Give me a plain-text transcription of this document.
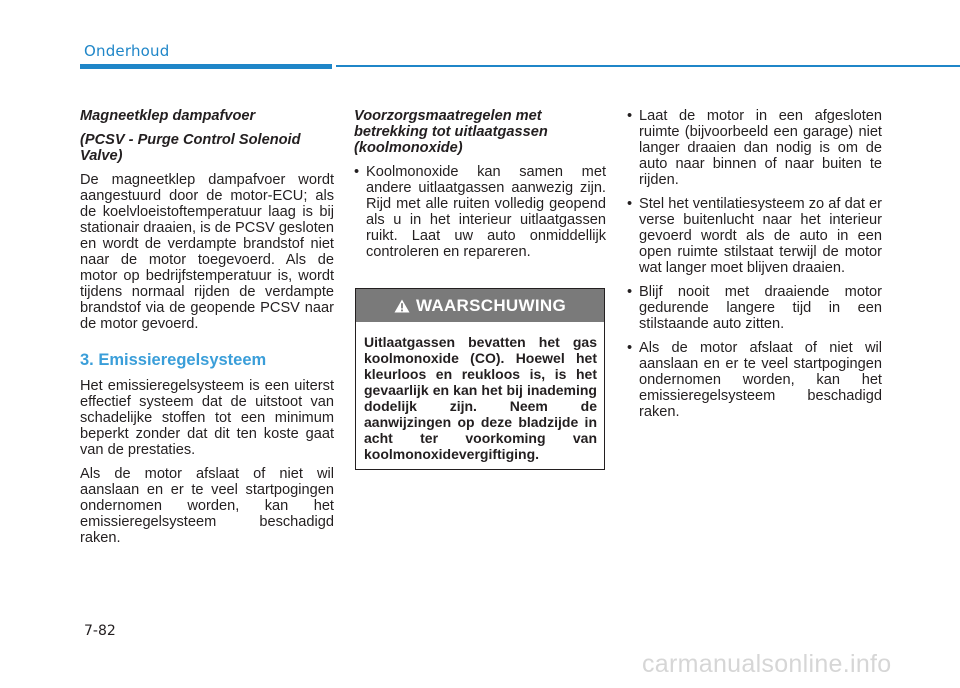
Onderhoud
Magneetklep dampafvoer
(PCSV - Purge Control Solenoid Valve)

De magneetklep dampafvoer wordt aangestuurd door de motor-ECU; als de koelvloeistoftemperatuur laag is bij stationair draaien, is de PCSV gesloten en wordt de verdampte brandstof niet naar de motor toegevoerd. Als de motor op bedrijfstemperatuur is, wordt tijdens normaal rijden de verdampte brandstof via de geopende PCSV naar de motor gevoerd.

3. Emissieregelsysteem

Het emissieregelsysteem is een uiterst effectief systeem dat de uitstoot van schadelijke stoffen tot een minimum beperkt zonder dat dit ten koste gaat van de prestaties.

Als de motor afslaat of niet wil aanslaan en er te veel startpogingen ondernomen worden, kan het emissieregelsysteem beschadigd raken.

Voorzorgsmaatregelen met betrekking tot uitlaatgassen (koolmonoxide)
• Koolmonoxide kan samen met andere uitlaatgassen aanwezig zijn. Rijd met alle ruiten volledig geopend als u in het interieur uitlaatgassen ruikt. Laat uw auto onmiddellijk controleren en repareren.
WAARSCHUWING
Uitlaatgassen bevatten het gas koolmonoxide (CO). Hoewel het kleurloos en reukloos is, is het gevaarlijk en kan het bij inademing dodelijk zijn. Neem de aanwijzingen op deze bladzijde in acht ter voorkoming van koolmonoxidevergiftiging.
• Laat de motor in een afgesloten ruimte (bijvoorbeeld een garage) niet langer draaien dan nodig is om de auto naar binnen of naar buiten te rijden.
• Stel het ventilatiesysteem zo af dat er verse buitenlucht naar het interieur gevoerd wordt als de auto in een open ruimte stilstaat terwijl de motor wat langer moet blijven draaien.
• Blijf nooit met draaiende motor gedurende langere tijd in een stilstaande auto zitten.
• Als de motor afslaat of niet wil aanslaan en er te veel startpogingen ondernomen worden, kan het emissieregelsysteem beschadigd raken.
7-82
carmanualsonline.info
